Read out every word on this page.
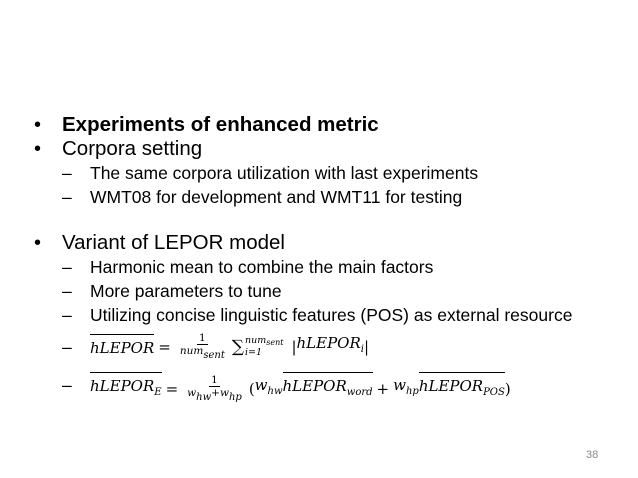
•	Experiments of enhanced metric
•	Corpora setting
–	The same corpora utilization with last experiments
–	WMT08 for development and WMT11 for testing
•	Variant of LEPOR model
–	Harmonic mean to combine the main factors
–	More parameters to tune
–	Utilizing concise linguistic features (POS) as external resource
–	hLEPOR = $\frac{1}{\text{numsent}}$ ∑ num$_{sent}$
i=1	| hLEPOR$_i$ |
–	hLEPOR$_E$ = $\frac{1}{\text{whw+whp}}$ ( $w_{hw}$ hLEPOR$_{word}$ + $w_{hp}$ hLEPOR$_{POS}$ )
38
